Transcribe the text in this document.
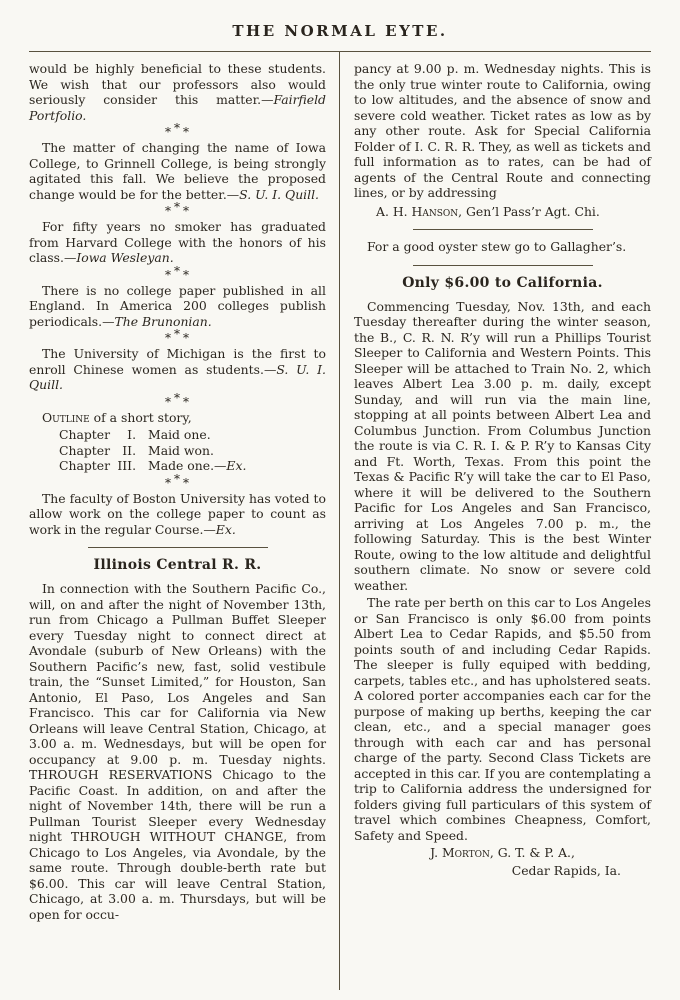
THE NORMAL EYTE.

would be highly beneficial to these students. We wish that our professors also would seriously consider this matter.—Fairfield Portfolio.

* * *

The matter of changing the name of Iowa College, to Grinnell College, is being strongly agitated this fall. We believe the proposed change would be for the better.—S. U. I. Quill.

* * *

For fifty years no smoker has graduated from Harvard College with the honors of his class.—Iowa Wesleyan.

* * *

There is no college paper published in all England. In America 200 colleges publish periodicals.—The Brunonian.

* * *

The University of Michigan is the first to enroll Chinese women as students.—S. U. I. Quill.

* * *

Outline of a short story,

Chapter	I. Maid one.
Chapter II. Maid won.
Chapter III. Made one. —Ex.
* * *

The faculty of Boston University has voted to allow work on the college paper to count as work in the regular Course.—Ex.

Illinois Central R. R.

In connection with the Southern Pacific Co., will, on and after the night of November 13th, run from Chicago a Pullman Buffet Sleeper every Tuesday night to connect direct at Avondale (suburb of New Orleans) with the Southern Pacific’s new, fast, solid vestibule train, the “Sunset Limited,” for Houston, San Antonio, El Paso, Los Angeles and San Francisco. This car for California via New Orleans will leave Central Station, Chicago, at 3.00 a. m. Wednesdays, but will be open for occupancy at 9.00 p. m. Tuesday nights. THROUGH RESERVATIONS Chicago to the Pacific Coast. In addition, on and after the night of November 14th, there will be run a Pullman Tourist Sleeper every Wednesday night THROUGH WITHOUT CHANGE, from Chicago to Los Angeles, via Avondale, by the same route. Through double-berth rate but $6.00. This car will leave Central Station, Chicago, at 3.00 a. m. Thursdays, but will be open for occu-

pancy at 9.00 p. m. Wednesday nights. This is the only true winter route to California, owing to low altitudes, and the absence of snow and severe cold weather. Ticket rates as low as by any other route. Ask for Special California Folder of I. C. R. R. They, as well as tickets and full information as to rates, can be had of agents of the Central Route and connecting lines, or by addressing

A. H. Hanson, Gen’l Pass’r Agt. Chi.

For a good oyster stew go to Gallagher’s.

Only $6.00 to California.

Commencing Tuesday, Nov. 13th, and each Tuesday thereafter during the winter season, the B., C. R. N. R’y will run a Phillips Tourist Sleeper to California and Western Points. This Sleeper will be attached to Train No. 2, which leaves Albert Lea 3.00 p. m. daily, except Sunday, and will run via the main line, stopping at all points between Albert Lea and Columbus Junction. From Columbus Junction the route is via C. R. I. & P. R’y to Kansas City and Ft. Worth, Texas. From this point the Texas & Pacific R’y will take the car to El Paso, where it will be delivered to the Southern Pacific for Los Angeles and San Francisco, arriving at Los Angeles 7.00 p. m., the following Saturday. This is the best Winter Route, owing to the low altitude and delightful southern climate. No snow or severe cold weather.

The rate per berth on this car to Los Angeles or San Francisco is only $6.00 from points Albert Lea to Cedar Rapids, and $5.50 from points south of and including Cedar Rapids. The sleeper is fully equiped with bedding, carpets, tables etc., and has upholstered seats. A colored porter accompanies each car for the purpose of making up berths, keeping the car clean, etc., and a special manager goes through with each car and has personal charge of the party. Second Class Tickets are accepted in this car. If you are contemplating a trip to California address the undersigned for folders giving full particulars of this system of travel which combines Cheapness, Comfort, Safety and Speed.

J. Morton, G. T. & P. A.,

Cedar Rapids, Ia.
